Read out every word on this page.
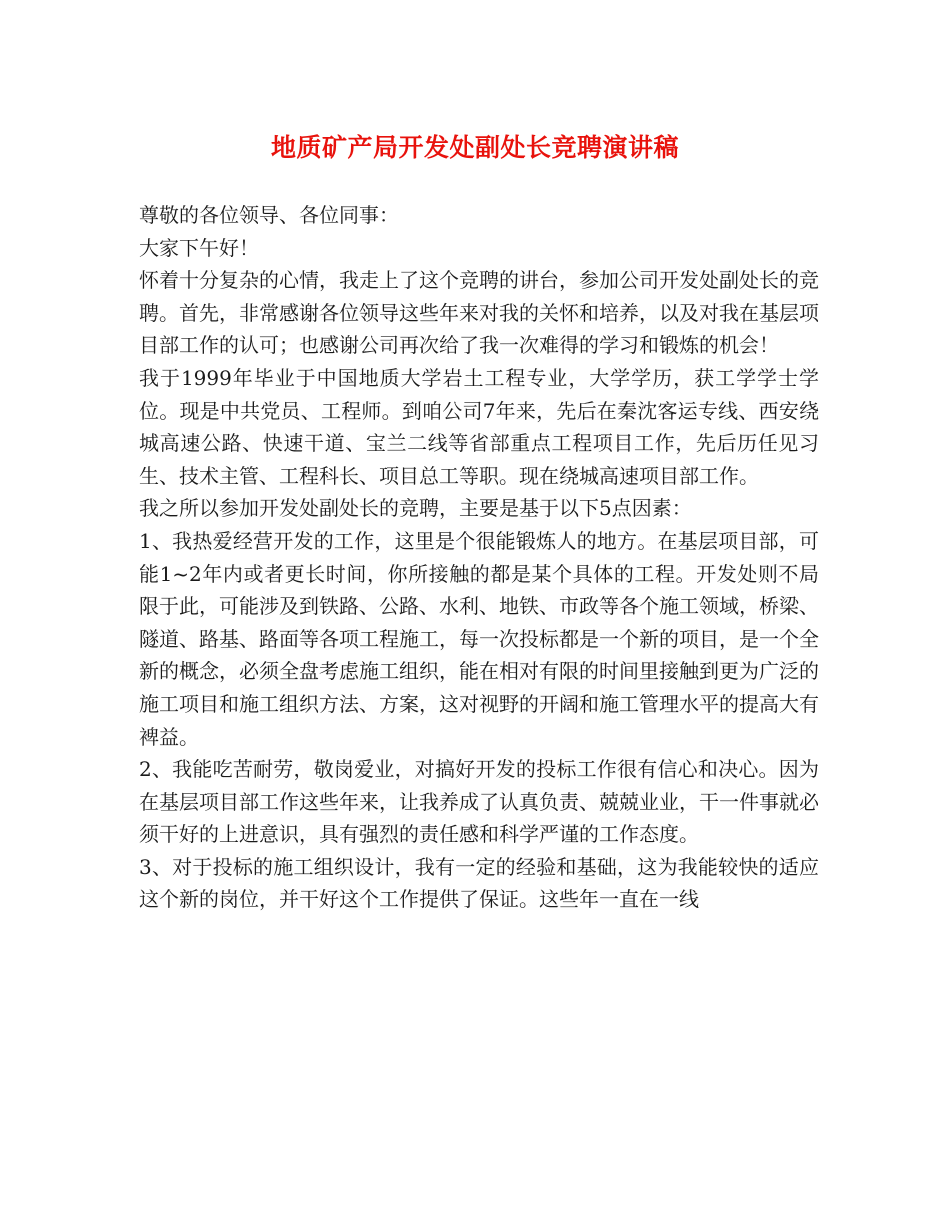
地质矿产局开发处副处长竞聘演讲稿

尊敬的各位领导、各位同事：

大家下午好！

怀着十分复杂的心情，我走上了这个竞聘的讲台，参加公司开发处副处长的竞聘。首先，非常感谢各位领导这些年来对我的关怀和培养，以及对我在基层项目部工作的认可；也感谢公司再次给了我一次难得的学习和锻炼的机会！

我于1999年毕业于中国地质大学岩土工程专业，大学学历，获工学学士学位。现是中共党员、工程师。到咱公司7年来，先后在秦沈客运专线、西安绕城高速公路、快速干道、宝兰二线等省部重点工程项目工作，先后历任见习生、技术主管、工程科长、项目总工等职。现在绕城高速项目部工作。

我之所以参加开发处副处长的竞聘，主要是基于以下5点因素：

1、我热爱经营开发的工作，这里是个很能锻炼人的地方。在基层项目部，可能1~2年内或者更长时间，你所接触的都是某个具体的工程。开发处则不局限于此，可能涉及到铁路、公路、水利、地铁、市政等各个施工领域，桥梁、隧道、路基、路面等各项工程施工，每一次投标都是一个新的项目，是一个全新的概念，必须全盘考虑施工组织，能在相对有限的时间里接触到更为广泛的施工项目和施工组织方法、方案，这对视野的开阔和施工管理水平的提高大有裨益。

2、我能吃苦耐劳，敬岗爱业，对搞好开发的投标工作很有信心和决心。因为在基层项目部工作这些年来，让我养成了认真负责、兢兢业业，干一件事就必须干好的上进意识，具有强烈的责任感和科学严谨的工作态度。

3、对于投标的施工组织设计，我有一定的经验和基础，这为我能较快的适应这个新的岗位，并干好这个工作提供了保证。这些年一直在一线
